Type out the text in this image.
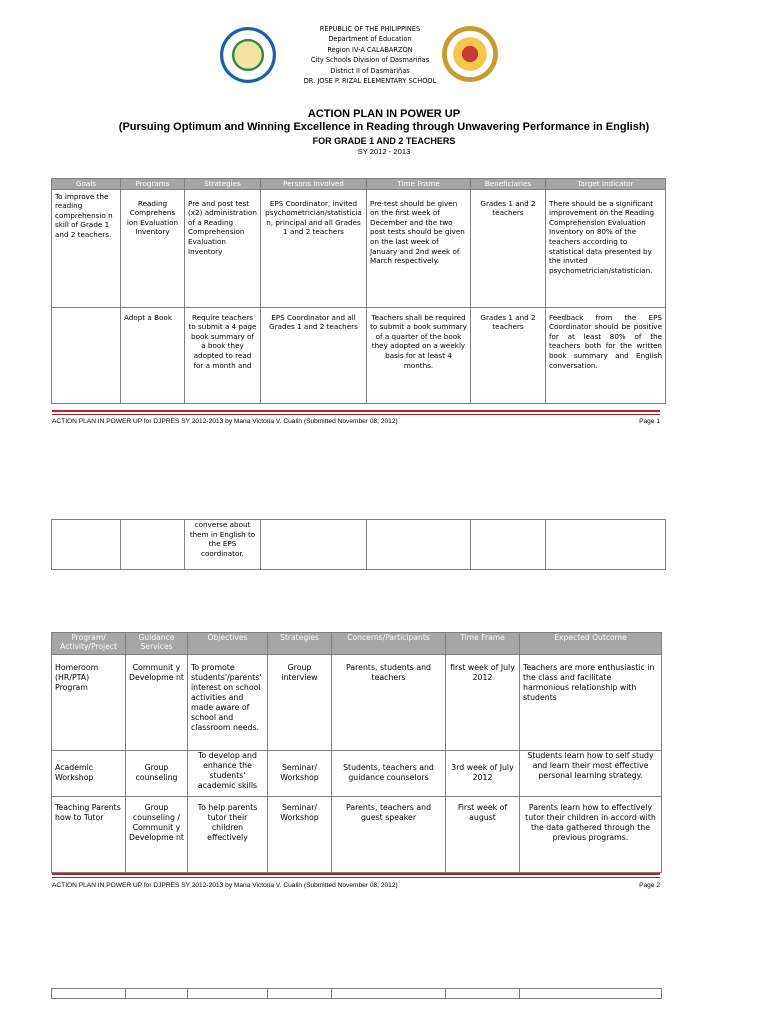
REPUBLIC OF THE PHILIPPINES
Department of Education
Region IV-A CALABARZON
City Schools Division of Dasmariñas
District II of Dasmariñas
DR. JOSE P. RIZAL ELEMENTARY SCHOOL
ACTION PLAN IN POWER UP
(Pursuing Optimum and Winning Excellence in Reading through Unwavering Performance in English)
FOR GRADE 1 AND 2 TEACHERS
SY 2012 - 2013
Goals	Programs	Strategies	Persons Involved	Time Frame	Beneficiaries	Target Indicator
To improve the reading comprehensio n skill of Grade 1 and 2 teachers.	Reading Comprehens ion Evaluation Inventory	Pre and post test (x2) administration of a Reading Comprehension Evaluation Inventory	EPS Coordinator, invited psychometrician/statistician, principal and all Grades 1 and 2 teachers	Pre-test should be given on the first week of December and the two post tests should be given on the last week of January and 2nd week of March respectively.	Grades 1 and 2 teachers	There should be a significant improvement on the Reading Comprehension Evaluation Inventory on 80% of the teachers according to statistical data presented by the invited psychometrician/statistician.
	Adopt a Book	Require teachers to submit a 4 page book summary of a book they adopted to read for a month and	EPS Coordinator and all Grades 1 and 2 teachers	Teachers shall be required to submit a book summary of a quarter of the book they adopted on a weekly basis for at least 4 months.	Grades 1 and 2 teachers	Feedback from the EPS Coordinator should be positive for at least 80% of the teachers both for the written book summary and English conversation.
ACTION PLAN IN POWER UP for DJPRES SY 2012-2013 by Maria Victoria V. Cualin (Submitted November 08, 2012)	Page 1
		converse about them in English to the EPS coordinator.				
Program/ Activity/Project	Guidance Services	Objectives	Strategies	Concerns/Participants	Time Frame	Expected Outcome
Homeroom (HR/PTA) Program	Communit y Developme nt	To promote students'/parents' interest on school activities and made aware of school and classroom needs.	Group interview	Parents, students and teachers	first week of July 2012	Teachers are more enthusiastic in the class and facilitate harmonious relationship with students
Academic Workshop	Group counseling	To develop and enhance the students' academic skills	Seminar/ Workshop	Students, teachers and guidance counselors	3rd week of July 2012	Students learn how to self study and learn their most effective personal learning strategy.
Teaching Parents how to Tutor	Group counseling / Communit y Developme nt	To help parents tutor their children effectively	Seminar/ Workshop	Parents, teachers and guest speaker	First week of august	Parents learn how to effectively tutor their children in accord with the data gathered through the previous programs.
ACTION PLAN IN POWER UP for DJPRES SY 2012-2013 by Maria Victoria V. Cualin (Submitted November 08, 2012)	Page 2
